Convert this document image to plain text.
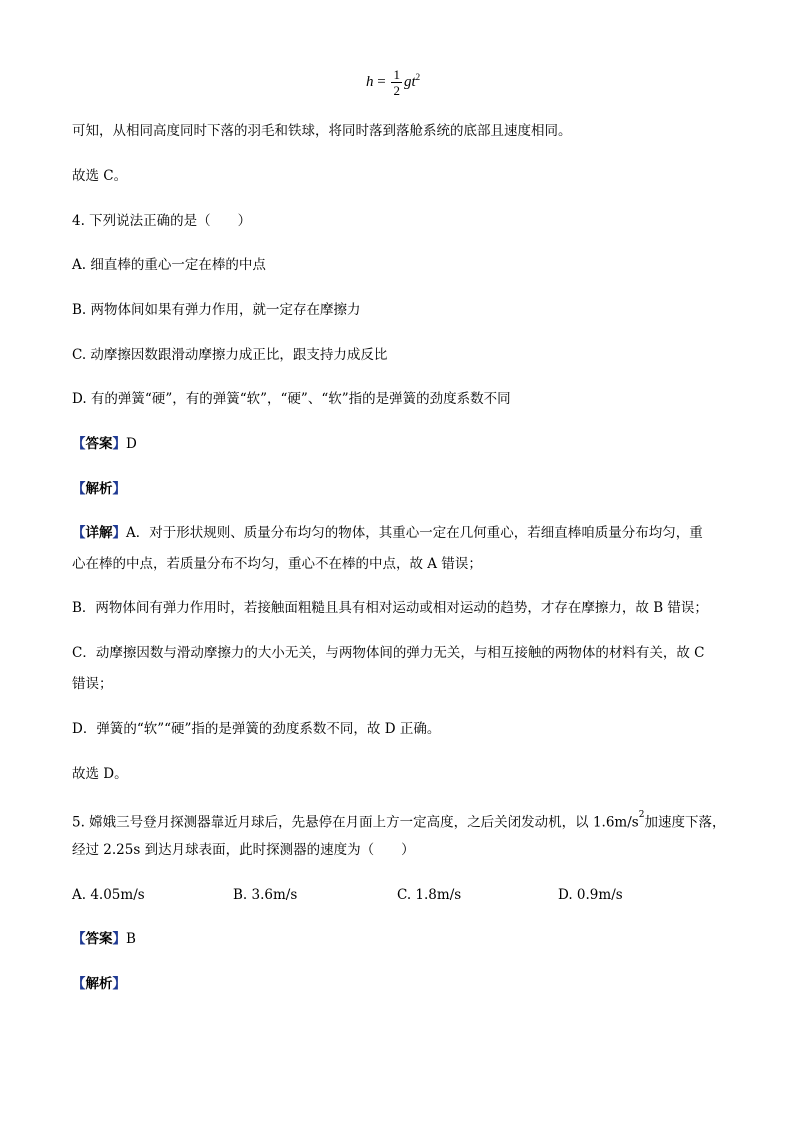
$h = \frac{1}{2} gt^2$
可知，从相同高度同时下落的羽毛和铁球，将同时落到落舱系统的底部且速度相同。
故选 C。
4. 下列说法正确的是（　　）
A. 细直棒的重心一定在棒的中点
B. 两物体间如果有弹力作用，就一定存在摩擦力
C. 动摩擦因数跟滑动摩擦力成正比，跟支持力成反比
D. 有的弹簧“硬”，有的弹簧“软”，“硬”、“软”指的是弹簧的劲度系数不同
【答案】D
【解析】
【详解】A．对于形状规则、质量分布均匀的物体，其重心一定在几何重心，若细直棒咱质量分布均匀，重
心在棒的中点，若质量分布不均匀，重心不在棒的中点，故 A 错误；
B．两物体间有弹力作用时，若接触面粗糙且具有相对运动或相对运动的趋势，才存在摩擦力，故 B 错误；
C．动摩擦因数与滑动摩擦力的大小无关，与两物体间的弹力无关，与相互接触的两物体的材料有关，故 C
错误；
D．弹簧的“软”“硬”指的是弹簧的劲度系数不同，故 D 正确。
故选 D。
5. 嫦娥三号登月探测器靠近月球后，先悬停在月面上方一定高度，之后关闭发动机，以 $1.6m/s^2$加速度下落，
经过 2.25s 到达月球表面，此时探测器的速度为（　　）
A. 4.05m/s	B. 3.6m/s	C. 1.8m/s	D. 0.9m/s
【答案】B
【解析】
